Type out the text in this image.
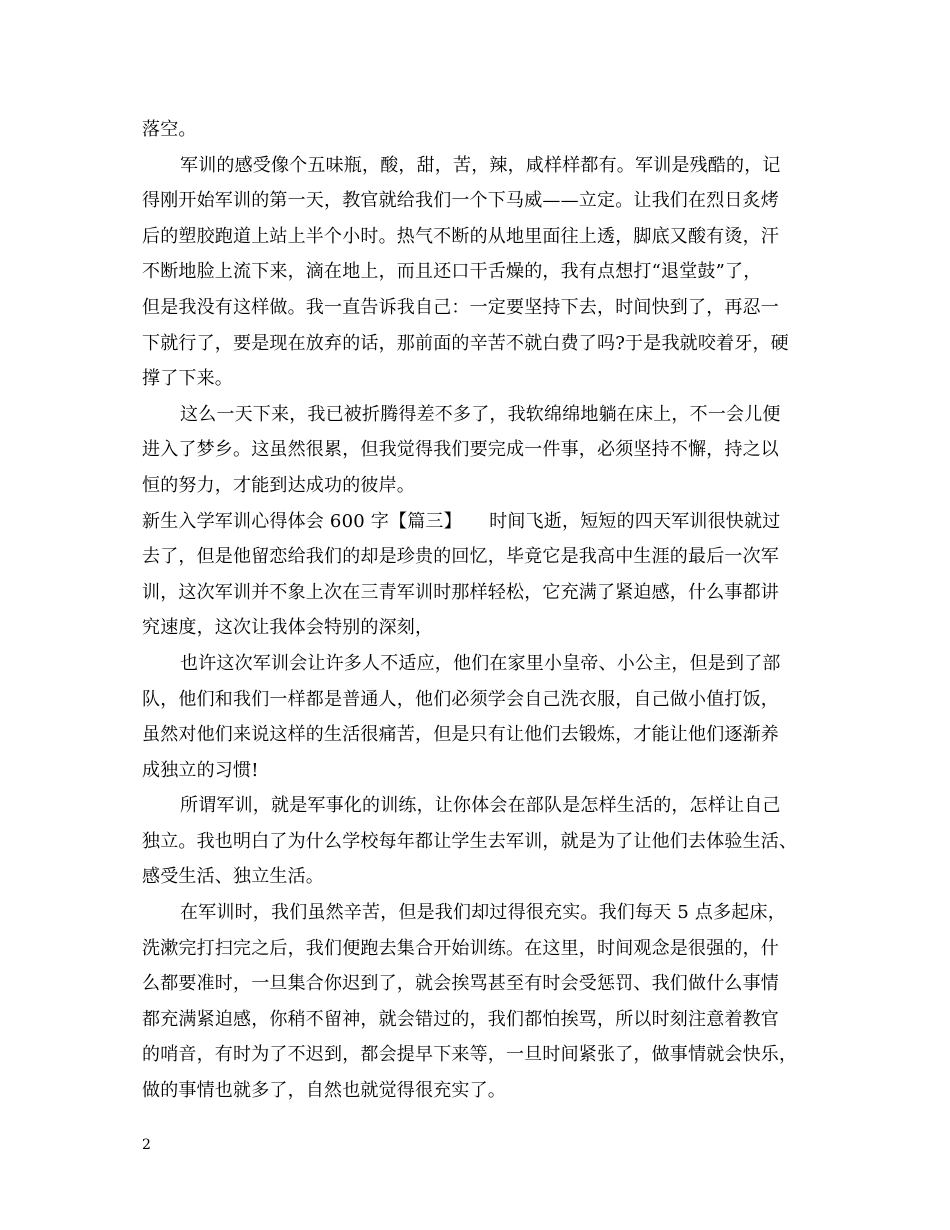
落空。
军训的感受像个五味瓶，酸，甜，苦，辣，咸样样都有。军训是残酷的，记
得刚开始军训的第一天，教官就给我们一个下马威——立定。让我们在烈日炙烤
后的塑胶跑道上站上半个小时。热气不断的从地里面往上透，脚底又酸有烫，汗
不断地脸上流下来，滴在地上，而且还口干舌燥的，我有点想打“退堂鼓”了，
但是我没有这样做。我一直告诉我自己：一定要坚持下去，时间快到了，再忍一
下就行了，要是现在放弃的话，那前面的辛苦不就白费了吗?于是我就咬着牙，硬
撑了下来。
这么一天下来，我已被折腾得差不多了，我软绵绵地躺在床上，不一会儿便
进入了梦乡。这虽然很累，但我觉得我们要完成一件事，必须坚持不懈，持之以
恒的努力，才能到达成功的彼岸。
新生入学军训心得体会 600 字【篇三】　　时间飞逝，短短的四天军训很快就过
去了，但是他留恋给我们的却是珍贵的回忆，毕竟它是我高中生涯的最后一次军
训，这次军训并不象上次在三青军训时那样轻松，它充满了紧迫感，什么事都讲
究速度，这次让我体会特别的深刻，
也许这次军训会让许多人不适应，他们在家里小皇帝、小公主，但是到了部
队，他们和我们一样都是普通人，他们必须学会自己洗衣服，自己做小值打饭，
虽然对他们来说这样的生活很痛苦，但是只有让他们去锻炼，才能让他们逐渐养
成独立的习惯!
所谓军训，就是军事化的训练，让你体会在部队是怎样生活的，怎样让自己
独立。我也明白了为什么学校每年都让学生去军训，就是为了让他们去体验生活、
感受生活、独立生活。
在军训时，我们虽然辛苦，但是我们却过得很充实。我们每天 5 点多起床，
洗漱完打扫完之后，我们便跑去集合开始训练。在这里，时间观念是很强的，什
么都要准时，一旦集合你迟到了，就会挨骂甚至有时会受惩罚、我们做什么事情
都充满紧迫感，你稍不留神，就会错过的，我们都怕挨骂，所以时刻注意着教官
的哨音，有时为了不迟到，都会提早下来等，一旦时间紧张了，做事情就会快乐，
做的事情也就多了，自然也就觉得很充实了。
2
